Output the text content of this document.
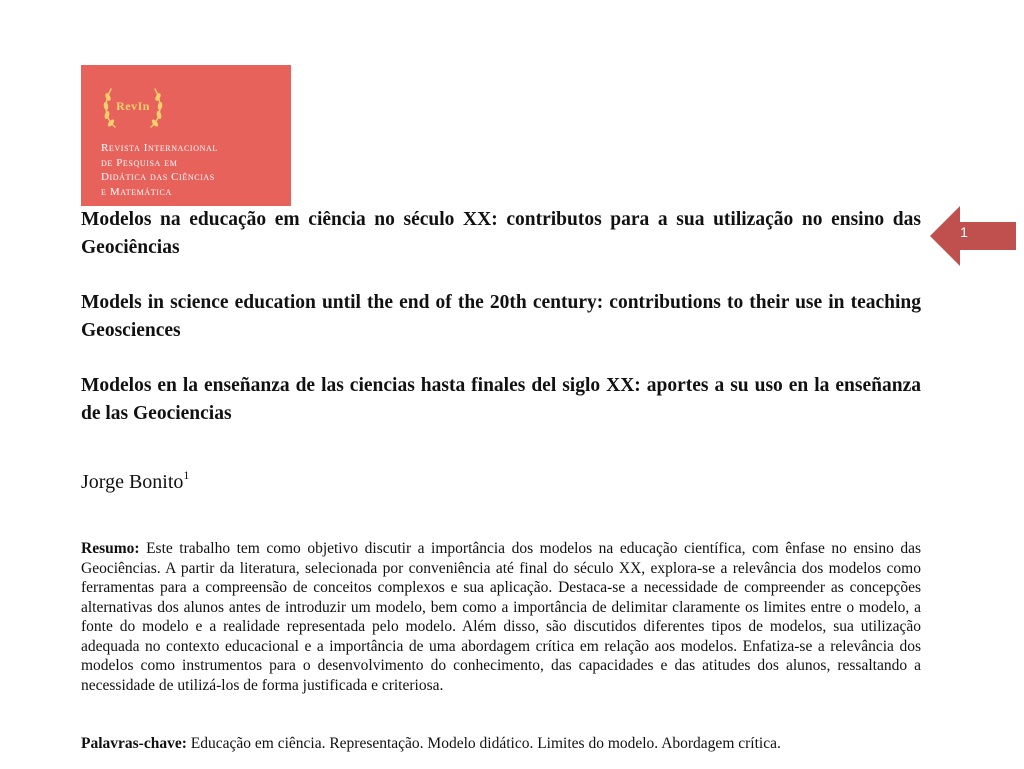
RevIn
Revista Internacional
de Pesquisa em
Didática das Ciências
e Matemática
1
Modelos na educação em ciência no século XX: contributos para a sua utilização no ensino das Geociências
Models in science education until the end of the 20th century: contributions to their use in teaching Geosciences
Modelos en la enseñanza de las ciencias hasta finales del siglo XX: aportes a su uso en la enseñanza de las Geociencias
Jorge Bonito$^1$

Resumo: Este trabalho tem como objetivo discutir a importância dos modelos na educação científica, com ênfase no ensino das Geociências. A partir da literatura, selecionada por conveniência até final do século XX, explora-se a relevância dos modelos como ferramentas para a compreensão de conceitos complexos e sua aplicação. Destaca-se a necessidade de compreender as concepções alternativas dos alunos antes de introduzir um modelo, bem como a importância de delimitar claramente os limites entre o modelo, a fonte do modelo e a realidade representada pelo modelo. Além disso, são discutidos diferentes tipos de modelos, sua utilização adequada no contexto educacional e a importância de uma abordagem crítica em relação aos modelos. Enfatiza-se a relevância dos modelos como instrumentos para o desenvolvimento do conhecimento, das capacidades e das atitudes dos alunos, ressaltando a necessidade de utilizá-los de forma justificada e criteriosa.

Palavras-chave: Educação em ciência. Representação. Modelo didático. Limites do modelo. Abordagem crítica.
